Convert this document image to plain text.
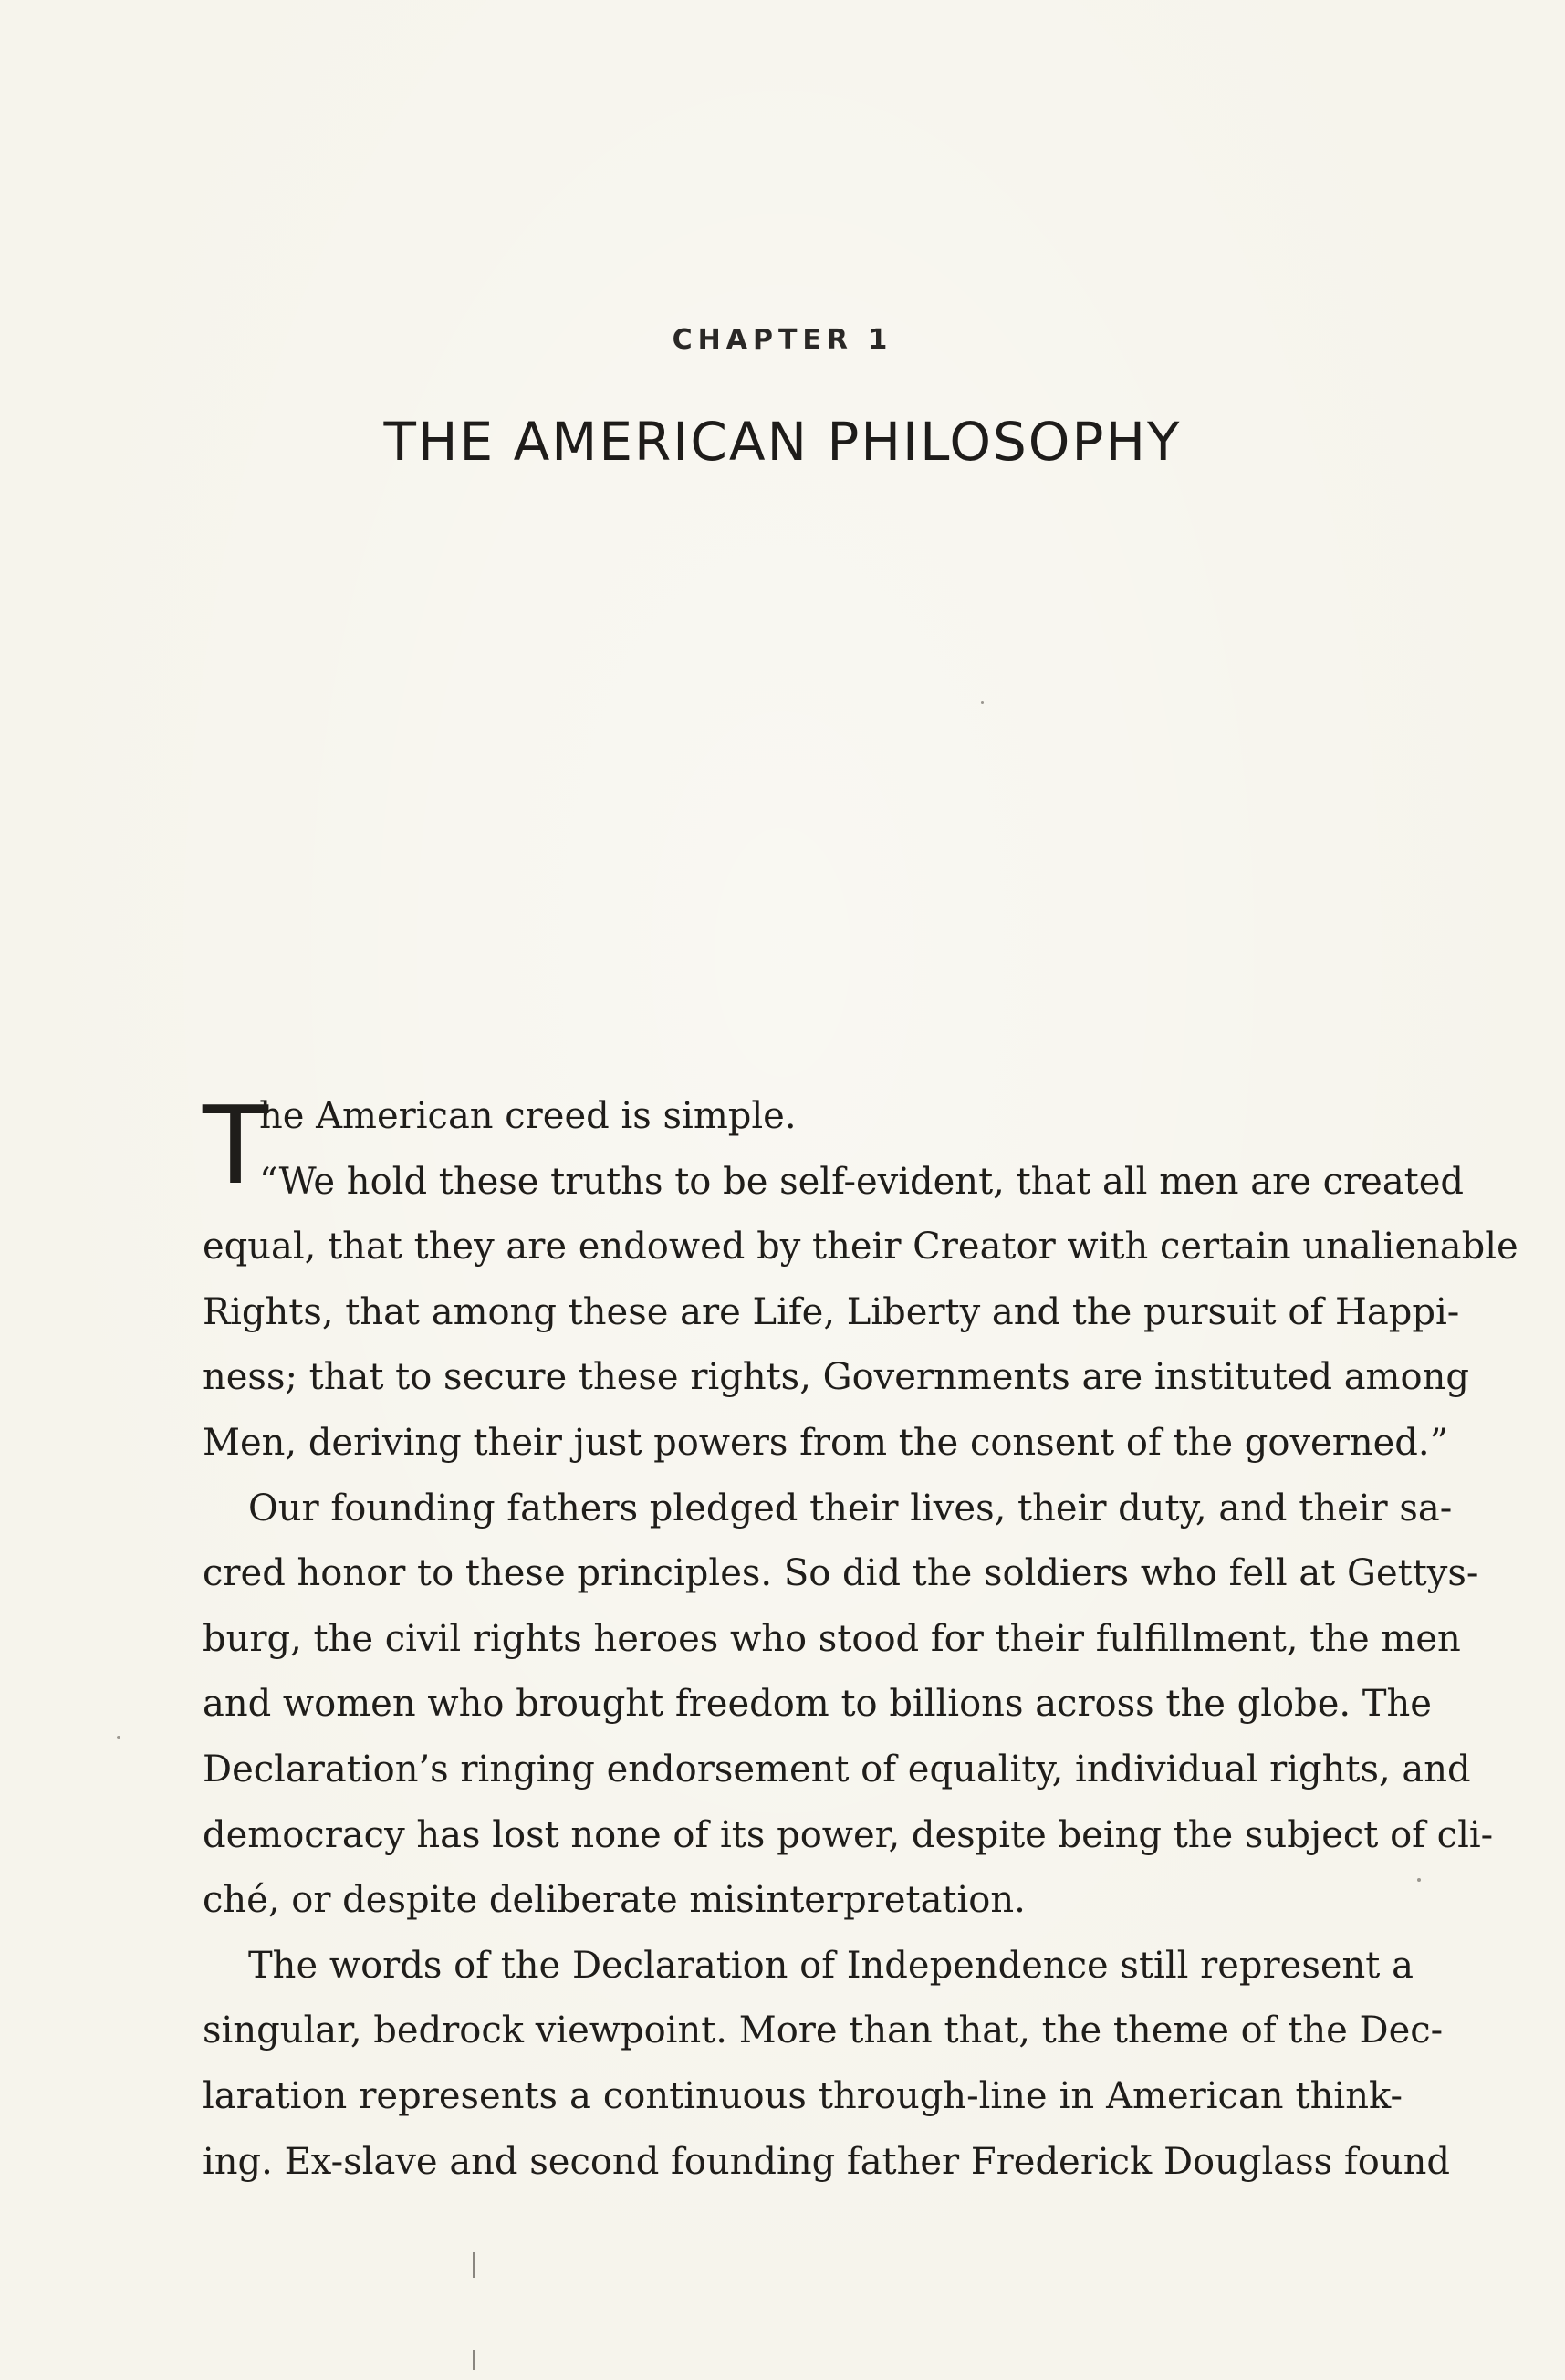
CHAPTER 1
THE AMERICAN PHILOSOPHY
T
he American creed is simple.
“We hold these truths to be self-evident, that all men are created
equal, that they are endowed by their Creator with certain unalienable
Rights, that among these are Life, Liberty and the pursuit of Happi-
ness; that to secure these rights, Governments are instituted among
Men, deriving their just powers from the consent of the governed.”
Our founding fathers pledged their lives, their duty, and their sa-
cred honor to these principles. So did the soldiers who fell at Gettys-
burg, the civil rights heroes who stood for their fulfillment, the men
and women who brought freedom to billions across the globe. The
Declaration’s ringing endorsement of equality, individual rights, and
democracy has lost none of its power, despite being the subject of cli-
ché, or despite deliberate misinterpretation.
The words of the Declaration of Independence still represent a
singular, bedrock viewpoint. More than that, the theme of the Dec-
laration represents a continuous through-line in American think-
ing. Ex-slave and second founding father Frederick Douglass found
